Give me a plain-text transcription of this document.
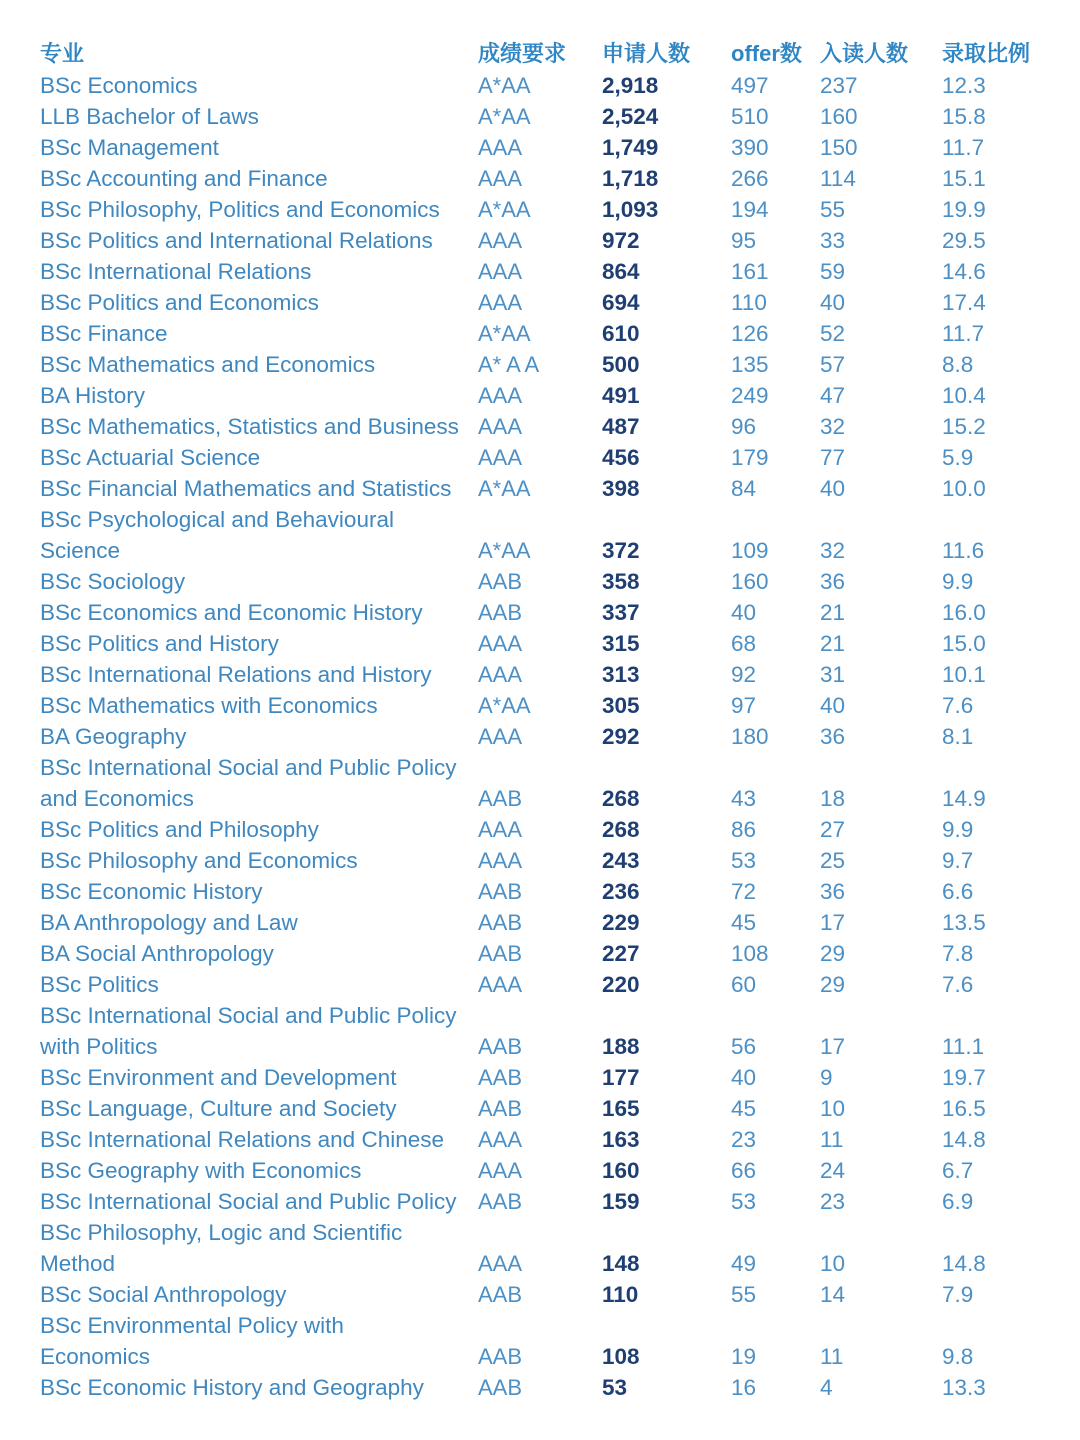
专业	成绩要求 申请人数 offer数 入读人数 录取比例
BSc Economics	A*AA	2,918	497 237	12.3
LLB Bachelor of Laws	A*AA	2,524	510 160	15.8
BSc Management	AAA	1,749	390 150	11.7
BSc Accounting and Finance	AAA	1,718	266 114	15.1
BSc Philosophy, Politics and Economics A*AA	1,093	194 55	19.9
BSc Politics and International Relations AAA	972	95	33	29.5
BSc International Relations	AAA	864	161 59	14.6
BSc Politics and Economics	AAA	694	110 40	17.4
BSc Finance	A*AA	610	126 52	11.7
BSc Mathematics and Economics	A* A A	500	135 57	8.8
BA History	AAA	491	249 47	10.4
BSc Mathematics, Statistics and Business AAA	487	96	32	15.2
BSc Actuarial Science	AAA	456	179 77	5.9
BSc Financial Mathematics and Statistics A*AA	398	84	40	10.0
BSc Psychological and Behavioural
Science	A*AA	372	109 32	11.6
BSc Sociology	AAB	358	160 36	9.9
BSc Economics and Economic History	AAB	337	40	21	16.0
BSc Politics and History	AAA	315	68	21	15.0
BSc International Relations and History AAA	313	92	31	10.1
BSc Mathematics with Economics	A*AA	305	97	40	7.6
BA Geography	AAA	292	180 36	8.1
BSc International Social and Public Policy
and Economics	AAB	268	43	18	14.9
BSc Politics and Philosophy	AAA	268	86	27	9.9
BSc Philosophy and Economics	AAA	243	53	25	9.7
BSc Economic History	AAB	236	72	36	6.6
BA Anthropology and Law	AAB	229	45	17	13.5
BA Social Anthropology	AAB	227	108 29	7.8
BSc Politics	AAA	220	60	29	7.6
BSc International Social and Public Policy
with Politics	AAB	188	56	17	11.1
BSc Environment and Development	AAB	177	40	9	19.7
BSc Language, Culture and Society	AAB	165	45	10	16.5
BSc International Relations and Chinese AAA	163	23	11	14.8
BSc Geography with Economics	AAA	160	66	24	6.7
BSc International Social and Public Policy AAB	159	53	23	6.9
BSc Philosophy, Logic and Scientific
Method	AAA	148	49	10	14.8
BSc Social Anthropology	AAB	110	55	14	7.9
BSc Environmental Policy with
Economics	AAB	108	19	11	9.8
BSc Economic History and Geography AAB	53	16	4	13.3
